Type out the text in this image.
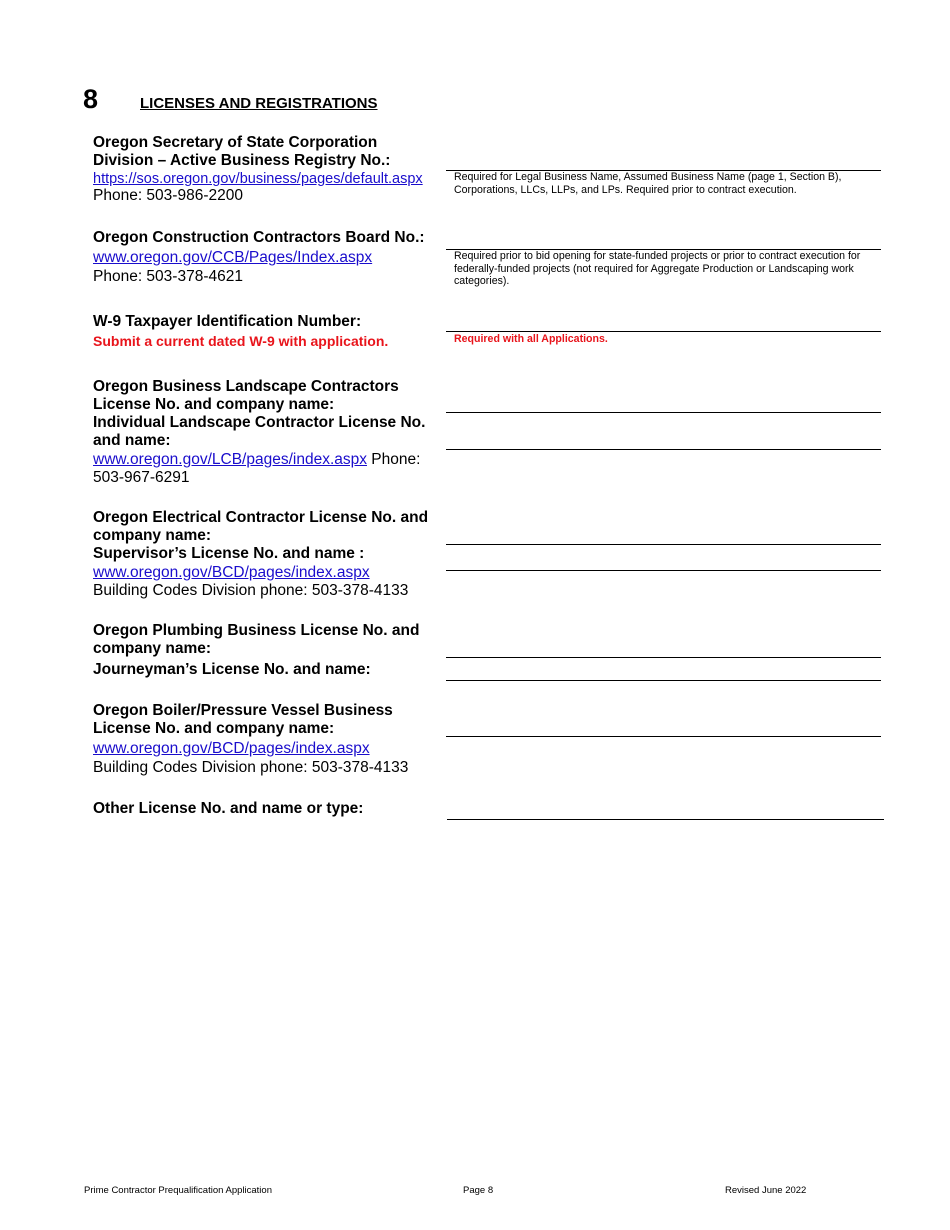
8	LICENSES AND REGISTRATIONS
Oregon Secretary of State Corporation Division – Active Business Registry No.:
https://sos.oregon.gov/business/pages/default.aspx
Phone: 503-986-2200
Required for Legal Business Name, Assumed Business Name (page 1, Section B), Corporations, LLCs, LLPs, and LPs. Required prior to contract execution.
Oregon Construction Contractors Board No.:
www.oregon.gov/CCB/Pages/Index.aspx
Phone: 503-378-4621
Required prior to bid opening for state-funded projects or prior to contract execution for federally-funded projects (not required for Aggregate Production or Landscaping work categories).
W-9 Taxpayer Identification Number:
Submit a current dated W-9 with application.	Required with all Applications.
Oregon Business Landscape Contractors License No. and company name:
Individual Landscape Contractor License No. and name:
www.oregon.gov/LCB/pages/index.aspx Phone: 503-967-6291
Oregon Electrical Contractor License No. and company name:
Supervisor’s License No. and name :
www.oregon.gov/BCD/pages/index.aspx
Building Codes Division phone: 503-378-4133
Oregon Plumbing Business License No. and company name:
Journeyman’s License No. and name:
Oregon Boiler/Pressure Vessel Business License No. and company name:
www.oregon.gov/BCD/pages/index.aspx
Building Codes Division phone: 503-378-4133
Other License No. and name or type:
Prime Contractor Prequalification Application	Page 8	Revised June 2022
